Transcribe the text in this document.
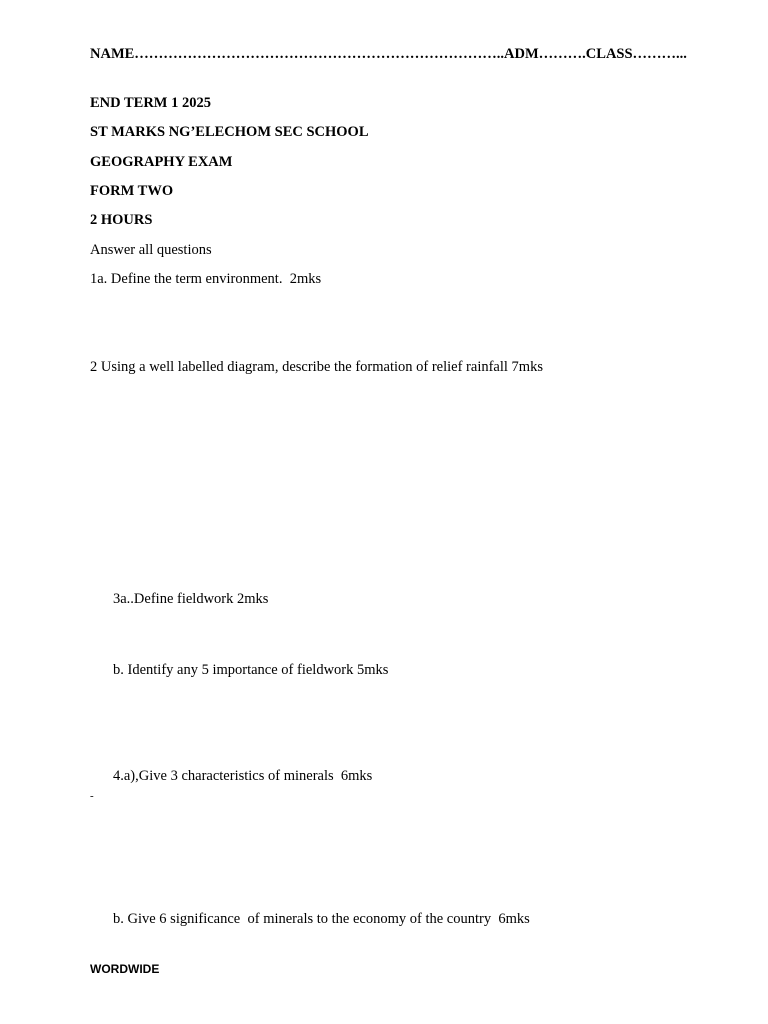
NAME…………………………………………………………………..ADM……….CLASS………...
END TERM 1 2025
ST MARKS NG’ELECHOM SEC SCHOOL
GEOGRAPHY EXAM
FORM TWO
2 HOURS
Answer all questions
1a. Define the term environment.  2mks
2 Using a well labelled diagram, describe the formation of relief rainfall 7mks
3a..Define fieldwork 2mks
b. Identify any 5 importance of fieldwork 5mks
4.a),Give 3 characteristics of minerals  6mks
-
b. Give 6 significance  of minerals to the economy of the country  6mks
WORDWIDE
